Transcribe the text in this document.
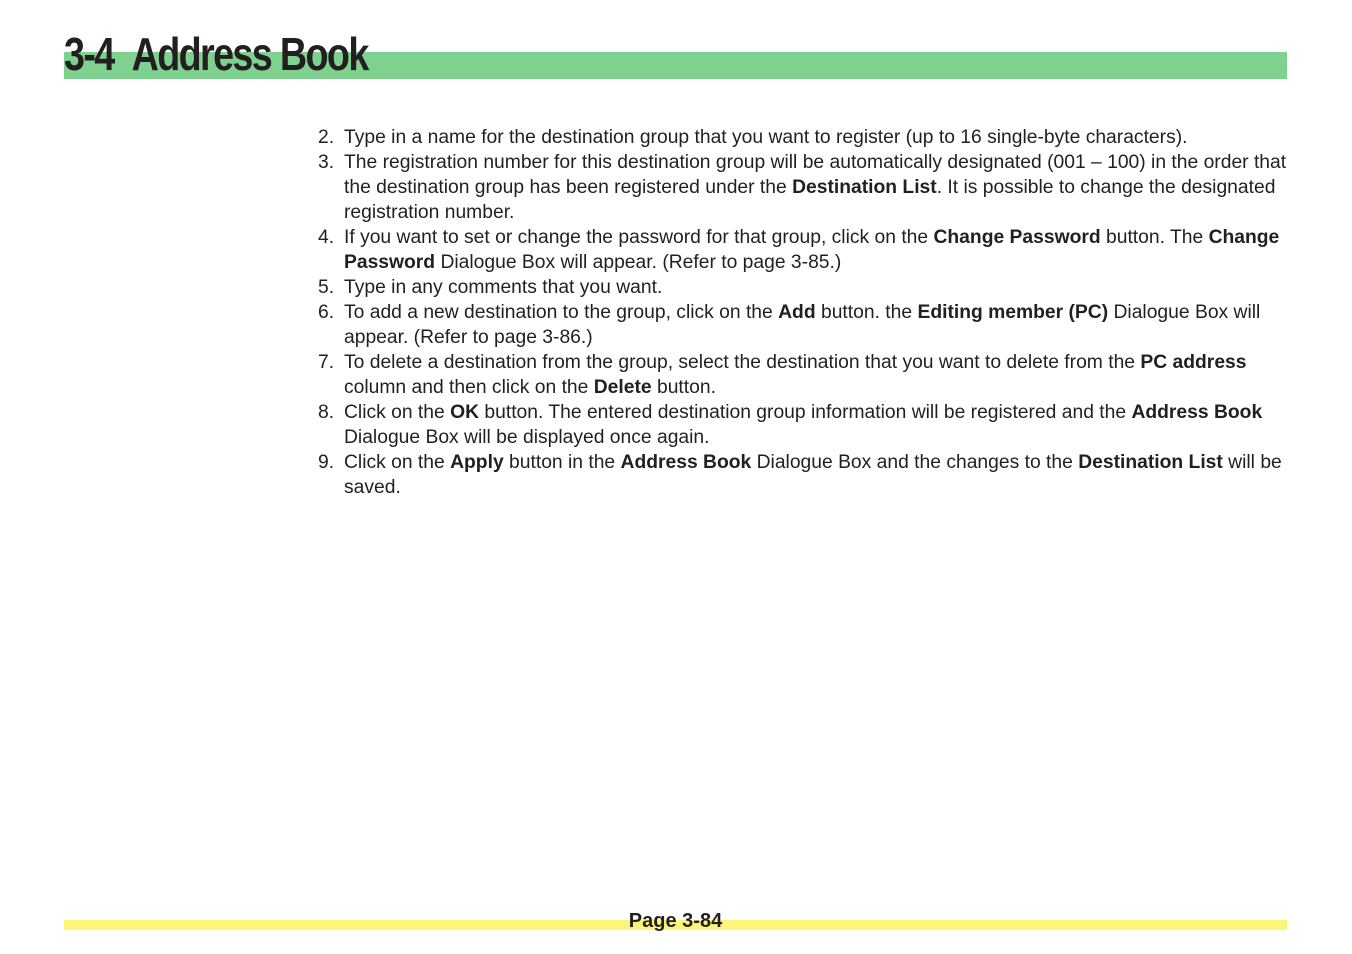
3-4 Address Book
2. Type in a name for the destination group that you want to register (up to 16 single-byte characters).
3. The registration number for this destination group will be automatically designated (001 – 100) in the order that the destination group has been registered under the Destination List. It is possible to change the designated registration number.
4. If you want to set or change the password for that group, click on the Change Password button. The Change Password Dialogue Box will appear. (Refer to page 3-85.)
5. Type in any comments that you want.
6. To add a new destination to the group, click on the Add button. the Editing member (PC) Dialogue Box will appear. (Refer to page 3-86.)
7. To delete a destination from the group, select the destination that you want to delete from the PC address column and then click on the Delete button.
8. Click on the OK button. The entered destination group information will be registered and the Address Book Dialogue Box will be displayed once again.
9. Click on the Apply button in the Address Book Dialogue Box and the changes to the Destination List will be saved.
Page 3-84
